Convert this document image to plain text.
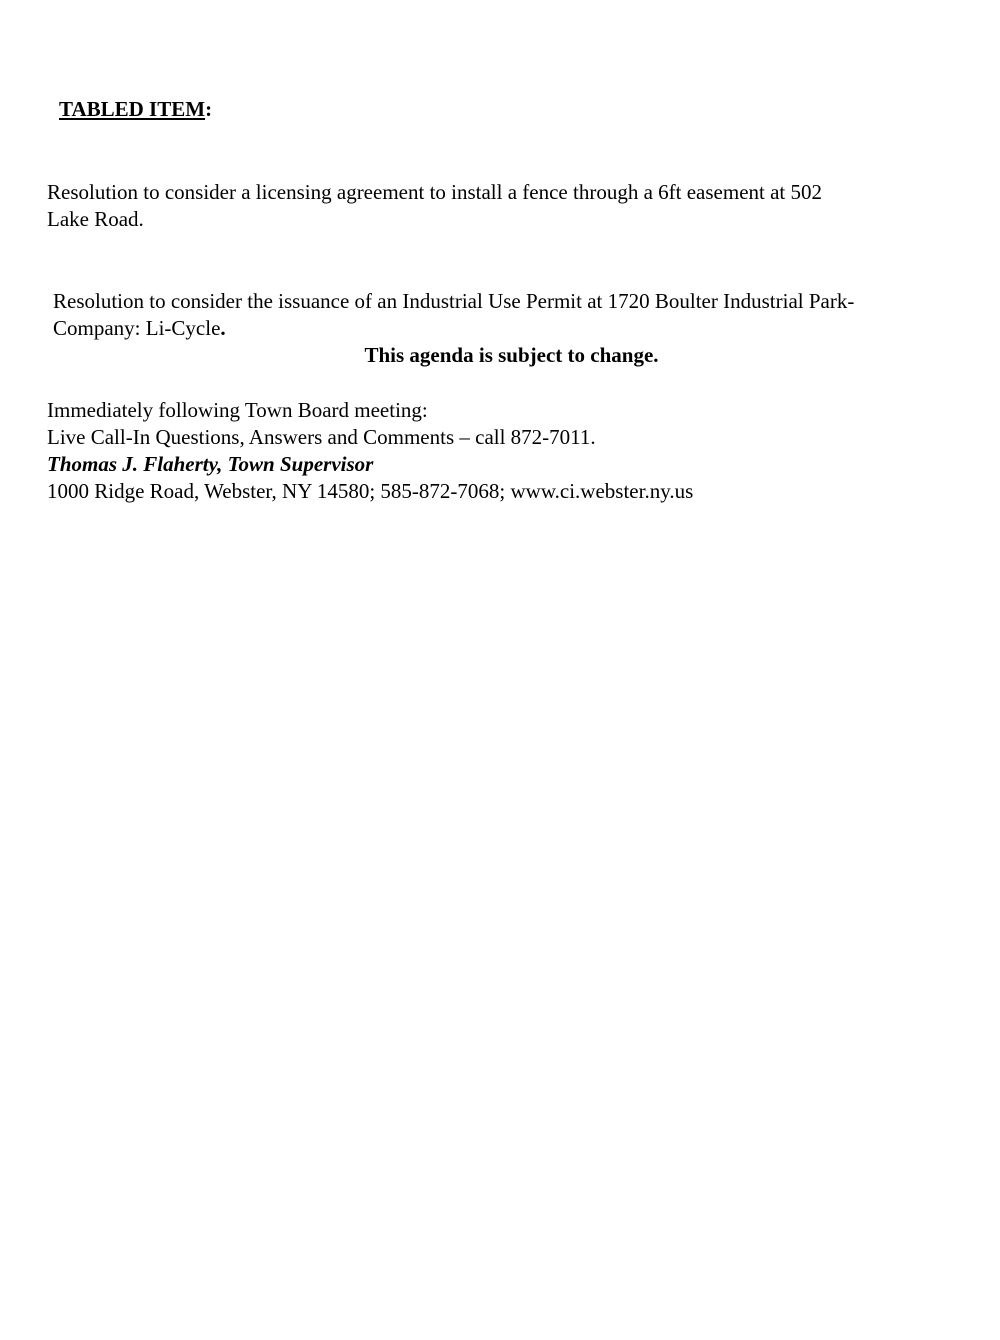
TABLED ITEM:
Resolution to consider a licensing agreement to install a fence through a 6ft easement at 502
Lake Road.
Resolution to consider the issuance of an Industrial Use Permit at 1720 Boulter Industrial Park-
Company: Li-Cycle.
This agenda is subject to change.
Immediately following Town Board meeting:
Live Call-In Questions, Answers and Comments – call 872-7011.
Thomas J. Flaherty, Town Supervisor
1000 Ridge Road, Webster, NY 14580; 585-872-7068; www.ci.webster.ny.us
